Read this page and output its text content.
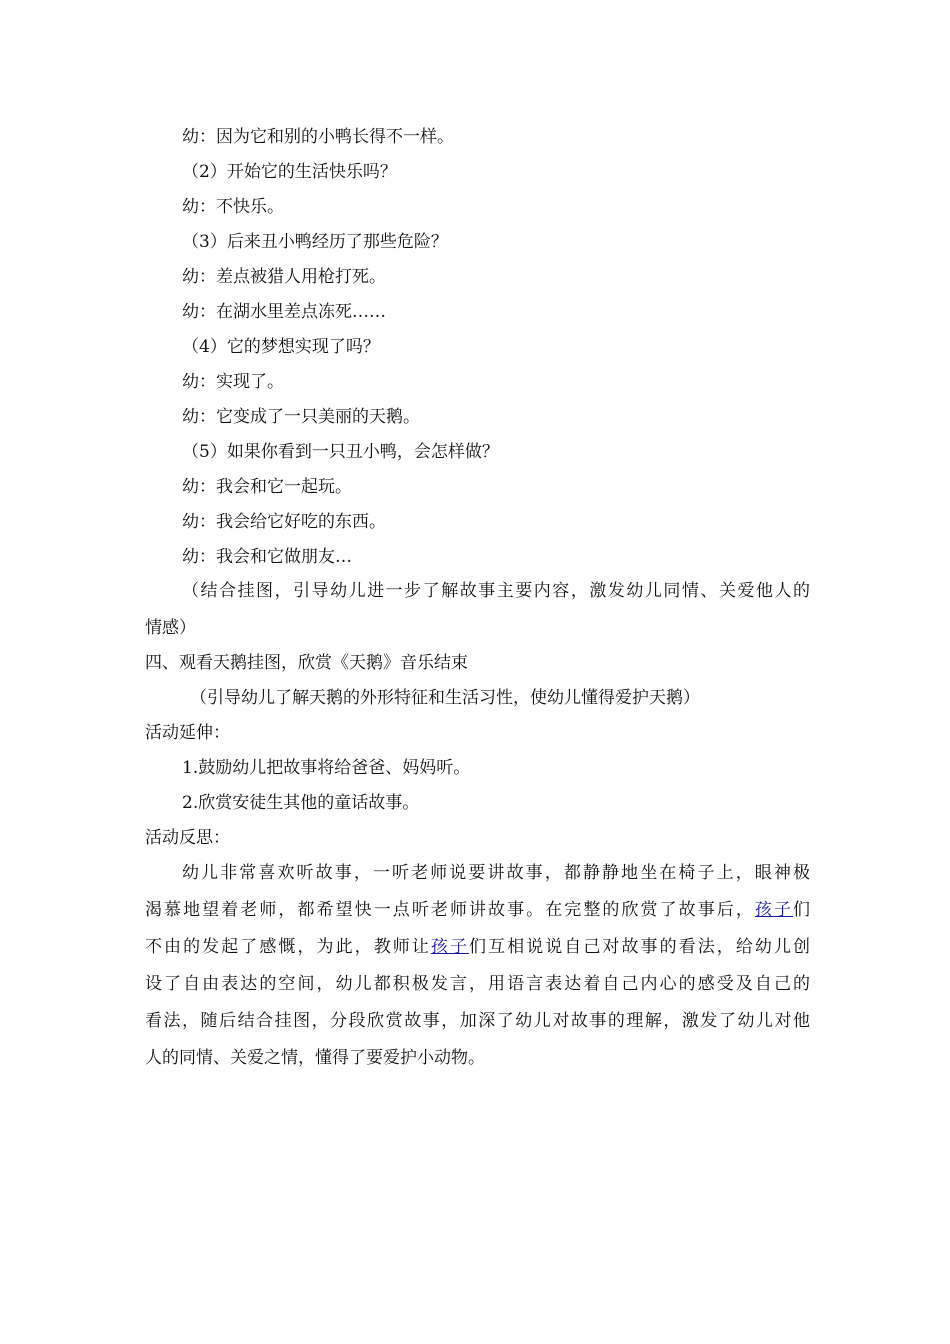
幼：因为它和别的小鸭长得不一样。
（2）开始它的生活快乐吗？
幼：不快乐。
（3）后来丑小鸭经历了那些危险？
幼：差点被猎人用枪打死。
幼：在湖水里差点冻死……
（4）它的梦想实现了吗？
幼：实现了。
幼：它变成了一只美丽的天鹅。
（5）如果你看到一只丑小鸭，会怎样做？
幼：我会和它一起玩。
幼：我会给它好吃的东西。
幼：我会和它做朋友…
（结合挂图，引导幼儿进一步了解故事主要内容，激发幼儿同情、关爱他人的
情感）
四、观看天鹅挂图，欣赏《天鹅》音乐结束
（引导幼儿了解天鹅的外形特征和生活习性，使幼儿懂得爱护天鹅）
活动延伸：
1.鼓励幼儿把故事将给爸爸、妈妈听。
2.欣赏安徒生其他的童话故事。
活动反思：
幼儿非常喜欢听故事，一听老师说要讲故事，都静静地坐在椅子上，眼神极
渴慕地望着老师，都希望快一点听老师讲故事。在完整的欣赏了故事后，孩子们
不由的发起了感慨，为此，教师让孩子们互相说说自己对故事的看法，给幼儿创
设了自由表达的空间，幼儿都积极发言，用语言表达着自己内心的感受及自己的
看法，随后结合挂图，分段欣赏故事，加深了幼儿对故事的理解，激发了幼儿对他
人的同情、关爱之情，懂得了要爱护小动物。
